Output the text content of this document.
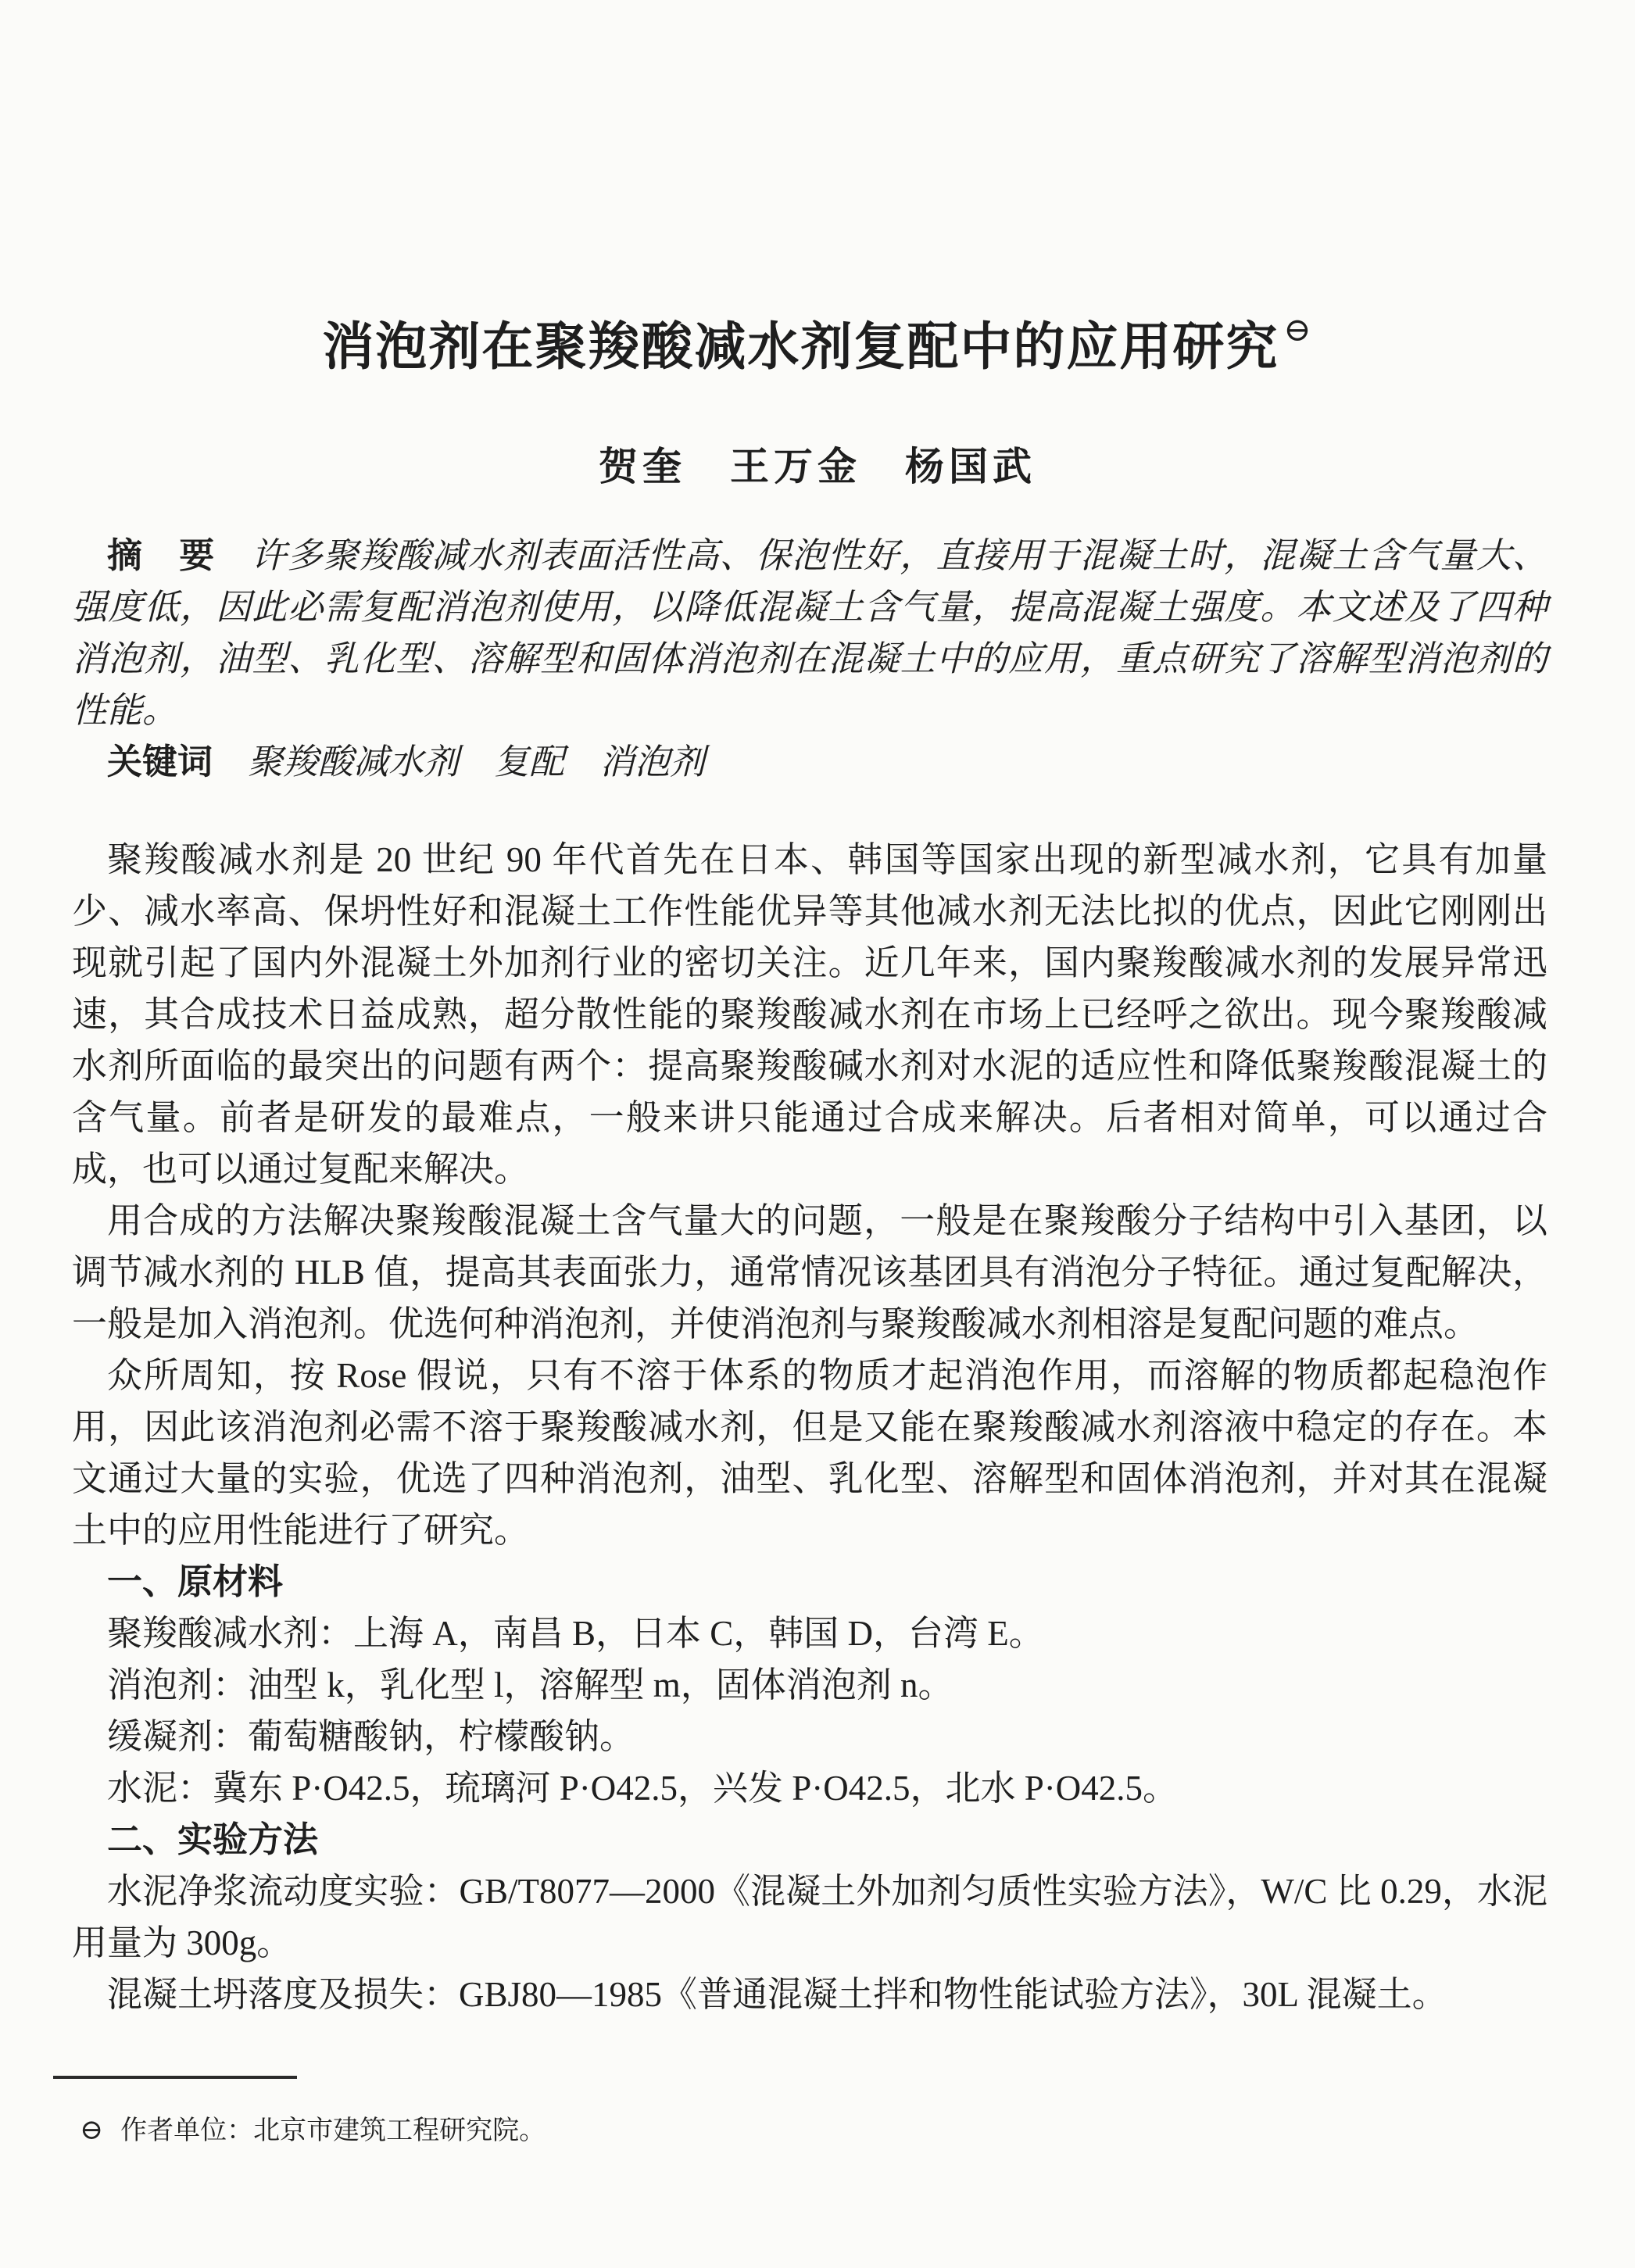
消泡剂在聚羧酸减水剂复配中的应用研究 ⊖
贺奎　王万金　杨国武

摘　要　 许多聚羧酸减水剂表面活性高、保泡性好，直接用于混凝土时，混凝土含气量大、强度低，因此必需复配消泡剂使用，以降低混凝土含气量，提高混凝土强度。本文述及了四种消泡剂，油型、乳化型、溶解型和固体消泡剂在混凝土中的应用，重点研究了溶解型消泡剂的性能。

关键词　 聚羧酸减水剂　复配　消泡剂

聚羧酸减水剂是 20 世纪 90 年代首先在日本、韩国等国家出现的新型减水剂，它具有加量少、减水率高、保坍性好和混凝土工作性能优异等其他减水剂无法比拟的优点，因此它刚刚出现就引起了国内外混凝土外加剂行业的密切关注。近几年来，国内聚羧酸减水剂的发展异常迅速，其合成技术日益成熟，超分散性能的聚羧酸减水剂在市场上已经呼之欲出。现今聚羧酸减水剂所面临的最突出的问题有两个：提高聚羧酸碱水剂对水泥的适应性和降低聚羧酸混凝土的含气量。前者是研发的最难点，一般来讲只能通过合成来解决。后者相对简单，可以通过合成，也可以通过复配来解决。

用合成的方法解决聚羧酸混凝土含气量大的问题，一般是在聚羧酸分子结构中引入基团，以调节减水剂的 HLB 值，提高其表面张力，通常情况该基团具有消泡分子特征。通过复配解决，一般是加入消泡剂。优选何种消泡剂，并使消泡剂与聚羧酸减水剂相溶是复配问题的难点。

众所周知，按 Rose 假说，只有不溶于体系的物质才起消泡作用，而溶解的物质都起稳泡作用，因此该消泡剂必需不溶于聚羧酸减水剂，但是又能在聚羧酸减水剂溶液中稳定的存在。本文通过大量的实验，优选了四种消泡剂，油型、乳化型、溶解型和固体消泡剂，并对其在混凝土中的应用性能进行了研究。

一、原材料

聚羧酸减水剂：上海 A，南昌 B，日本 C，韩国 D，台湾 E。

消泡剂：油型 k，乳化型 l，溶解型 m，固体消泡剂 n。

缓凝剂：葡萄糖酸钠，柠檬酸钠。

水泥：冀东 P·O42.5，琉璃河 P·O42.5，兴发 P·O42.5，北水 P·O42.5。

二、实验方法

水泥净浆流动度实验：GB/T8077—2000《混凝土外加剂匀质性实验方法》，W/C 比 0.29，水泥用量为 300g。

混凝土坍落度及损失：GBJ80—1985《普通混凝土拌和物性能试验方法》，30L 混凝土。

⊖ 作者单位：北京市建筑工程研究院。
